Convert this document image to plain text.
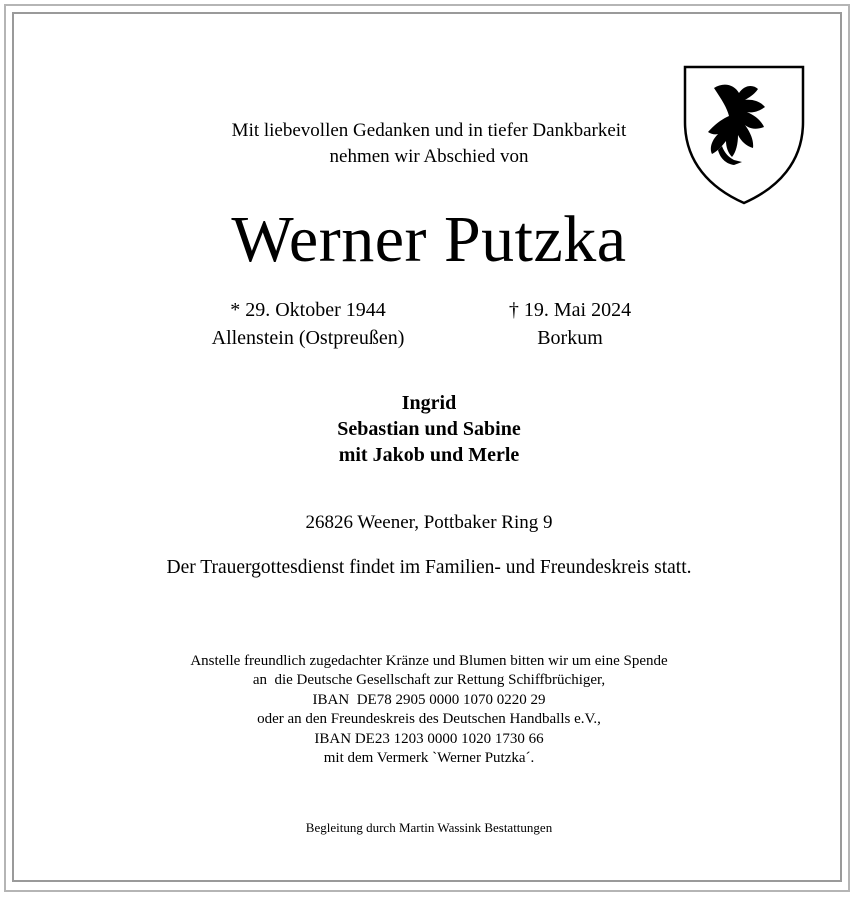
Mit liebevollen Gedanken und in tiefer Dankbarkeit
nehmen wir Abschied von
Werner Putzka
* 29. Oktober 1944
Allenstein (Ostpreußen)
† 19. Mai 2024
Borkum
Ingrid
Sebastian und Sabine
mit Jakob und Merle
26826 Weener, Pottbaker Ring 9
Der Trauergottesdienst findet im Familien- und Freundeskreis statt.
Anstelle freundlich zugedachter Kränze und Blumen bitten wir um eine Spende
an  die Deutsche Gesellschaft zur Rettung Schiffbrüchiger,
IBAN  DE78 2905 0000 1070 0220 29
oder an den Freundeskreis des Deutschen Handballs e.V.,
IBAN DE23 1203 0000 1020 1730 66
mit dem Vermerk `Werner Putzka´.
Begleitung durch Martin Wassink Bestattungen
